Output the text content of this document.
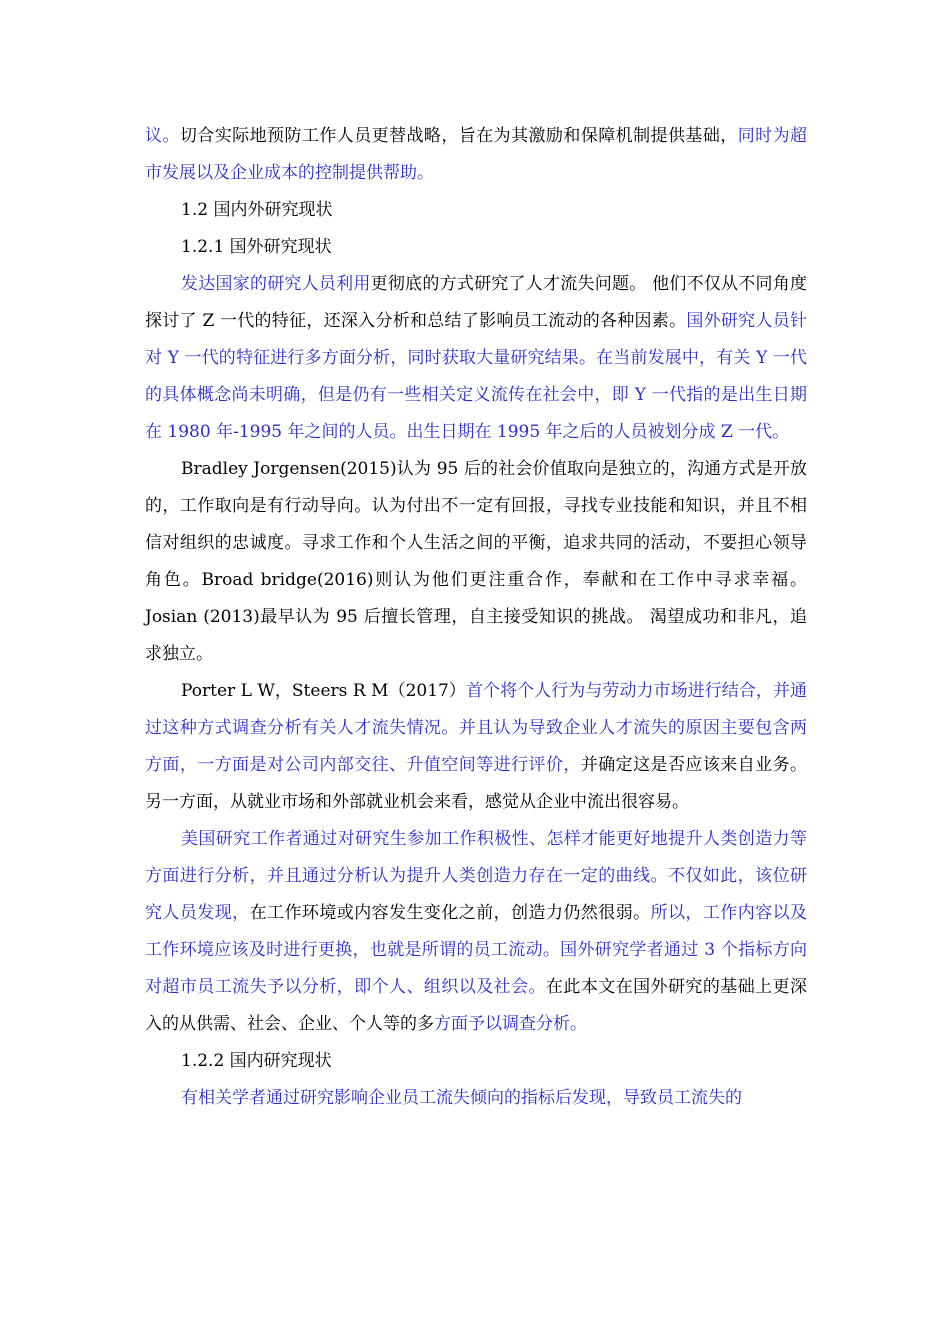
议。切合实际地预防工作人员更替战略，旨在为其激励和保障机制提供基础，同时为超市发展以及企业成本的控制提供帮助。

1.2 国内外研究现状

1.2.1 国外研究现状

发达国家的研究人员利用更彻底的方式研究了人才流失问题。 他们不仅从不同角度探讨了 Z 一代的特征，还深入分析和总结了影响员工流动的各种因素。国外研究人员针对 Y 一代的特征进行多方面分析，同时获取大量研究结果。在当前发展中，有关 Y 一代的具体概念尚未明确，但是仍有一些相关定义流传在社会中，即 Y 一代指的是出生日期在 1980 年-1995 年之间的人员。出生日期在 1995 年之后的人员被划分成 Z 一代。

Bradley Jorgensen(2015)认为 95 后的社会价值取向是独立的，沟通方式是开放的，工作取向是有行动导向。认为付出不一定有回报，寻找专业技能和知识，并且不相信对组织的忠诚度。寻求工作和个人生活之间的平衡，追求共同的活动，不要担心领导角色。Broad bridge(2016)则认为他们更注重合作，奉献和在工作中寻求幸福。Josian (2013)最早认为 95 后擅长管理，自主接受知识的挑战。 渴望成功和非凡，追求独立。

Porter L W，Steers R M（2017）首个将个人行为与劳动力市场进行结合，并通过这种方式调查分析有关人才流失情况。并且认为导致企业人才流失的原因主要包含两方面，一方面是对公司内部交往、升值空间等进行评价，并确定这是否应该来自业务。另一方面，从就业市场和外部就业机会来看，感觉从企业中流出很容易。

美国研究工作者通过对研究生参加工作积极性、怎样才能更好地提升人类创造力等方面进行分析，并且通过分析认为提升人类创造力存在一定的曲线。不仅如此，该位研究人员发现，在工作环境或内容发生变化之前，创造力仍然很弱。所以，工作内容以及工作环境应该及时进行更换，也就是所谓的员工流动。国外研究学者通过 3 个指标方向对超市员工流失予以分析，即个人、组织以及社会。在此本文在国外研究的基础上更深入的从供需、社会、企业、个人等的多方面予以调查分析。

1.2.2 国内研究现状

有相关学者通过研究影响企业员工流失倾向的指标后发现，导致员工流失的
